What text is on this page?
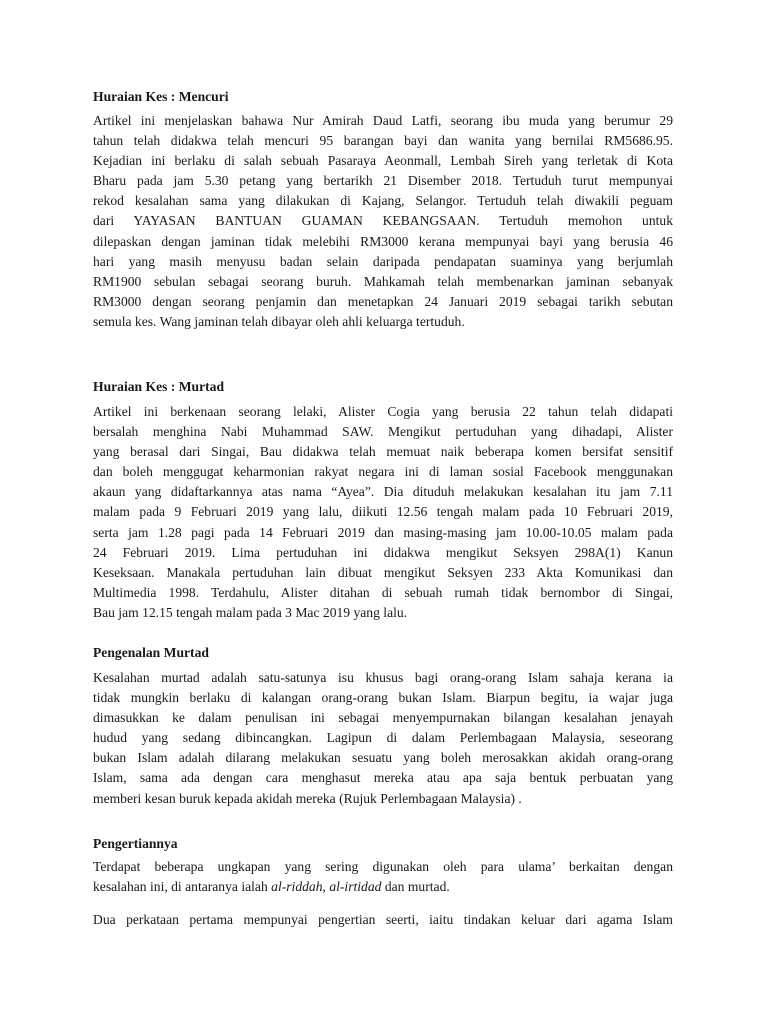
Huraian Kes : Mencuri
Artikel ini menjelaskan bahawa Nur Amirah Daud Latfi, seorang ibu muda yang berumur 29
tahun telah didakwa telah mencuri 95 barangan bayi dan wanita yang bernilai RM5686.95.
Kejadian ini berlaku di salah sebuah Pasaraya Aeonmall, Lembah Sireh yang terletak di Kota
Bharu pada jam 5.30 petang yang bertarikh 21 Disember 2018. Tertuduh turut mempunyai
rekod kesalahan sama yang dilakukan di Kajang, Selangor. Tertuduh telah diwakili peguam
dari YAYASAN BANTUAN GUAMAN KEBANGSAAN. Tertuduh memohon untuk
dilepaskan dengan jaminan tidak melebihi RM3000 kerana mempunyai bayi yang berusia 46
hari yang masih menyusu badan selain daripada pendapatan suaminya yang berjumlah
RM1900 sebulan sebagai seorang buruh. Mahkamah telah membenarkan jaminan sebanyak
RM3000 dengan seorang penjamin dan menetapkan 24 Januari 2019 sebagai tarikh sebutan
semula kes. Wang jaminan telah dibayar oleh ahli keluarga tertuduh.
Huraian Kes : Murtad
Artikel ini berkenaan seorang lelaki, Alister Cogia yang berusia 22 tahun telah didapati
bersalah menghina Nabi Muhammad SAW. Mengikut pertuduhan yang dihadapi, Alister
yang berasal dari Singai, Bau didakwa telah memuat naik beberapa komen bersifat sensitif
dan boleh menggugat keharmonian rakyat negara ini di laman sosial Facebook menggunakan
akaun yang didaftarkannya atas nama “Ayea”. Dia dituduh melakukan kesalahan itu jam 7.11
malam pada 9 Februari 2019 yang lalu, diikuti 12.56 tengah malam pada 10 Februari 2019,
serta jam 1.28 pagi pada 14 Februari 2019 dan masing-masing jam 10.00-10.05 malam pada
24 Februari 2019. Lima pertuduhan ini didakwa mengikut Seksyen 298A(1) Kanun
Keseksaan. Manakala pertuduhan lain dibuat mengikut Seksyen 233 Akta Komunikasi dan
Multimedia 1998. Terdahulu, Alister ditahan di sebuah rumah tidak bernombor di Singai,
Bau jam 12.15 tengah malam pada 3 Mac 2019 yang lalu.
Pengenalan Murtad
Kesalahan murtad adalah satu-satunya isu khusus bagi orang-orang Islam sahaja kerana ia
tidak mungkin berlaku di kalangan orang-orang bukan Islam. Biarpun begitu, ia wajar juga
dimasukkan ke dalam penulisan ini sebagai menyempurnakan bilangan kesalahan jenayah
hudud yang sedang dibincangkan. Lagipun di dalam Perlembagaan Malaysia, seseorang
bukan Islam adalah dilarang melakukan sesuatu yang boleh merosakkan akidah orang-orang
Islam, sama ada dengan cara menghasut mereka atau apa saja bentuk perbuatan yang
memberi kesan buruk kepada akidah mereka (Rujuk Perlembagaan Malaysia) .
Pengertiannya
Terdapat beberapa ungkapan yang sering digunakan oleh para ulama’ berkaitan dengan
kesalahan ini, di antaranya ialah al-riddah, al-irtidad dan murtad.
Dua perkataan pertama mempunyai pengertian seerti, iaitu tindakan keluar dari agama Islam
